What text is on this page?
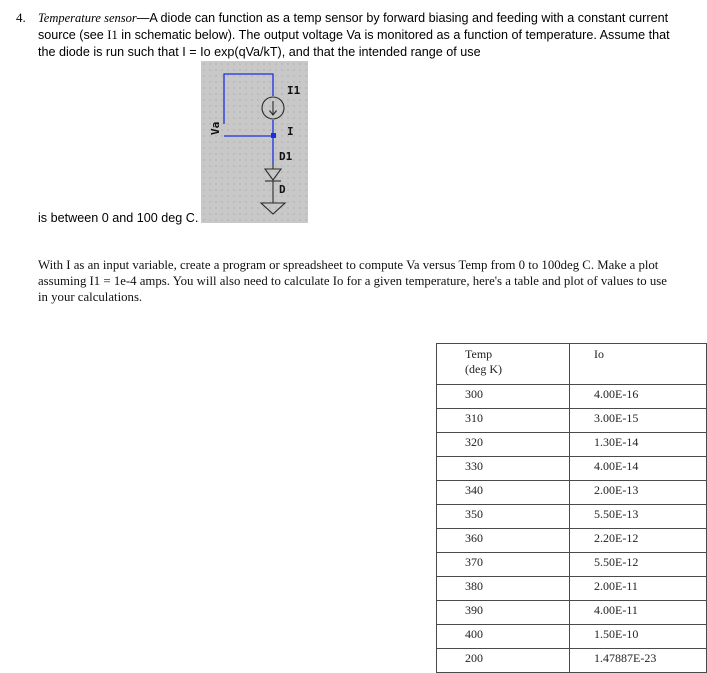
4. Temperature sensor—A diode can function as a temp sensor by forward biasing and feeding with a constant current source (see I1 in schematic below). The output voltage Va is monitored as a function of temperature. Assume that the diode is run such that I = Io exp(qVa/kT), and that the intended range of use
I1
I
D1
D
Va
is between 0 and 100 deg C.
With I as an input variable, create a program or spreadsheet to compute Va versus Temp from 0 to 100deg C. Make a plot assuming I1 = 1e-4 amps. You will also need to calculate Io for a given temperature, here's a table and plot of values to use in your calculations.
Temp
(deg K)	Io
300	4.00E-16
310	3.00E-15
320	1.30E-14
330	4.00E-14
340	2.00E-13
350	5.50E-13
360	2.20E-12
370	5.50E-12
380	2.00E-11
390	4.00E-11
400	1.50E-10
200	1.47887E-23
